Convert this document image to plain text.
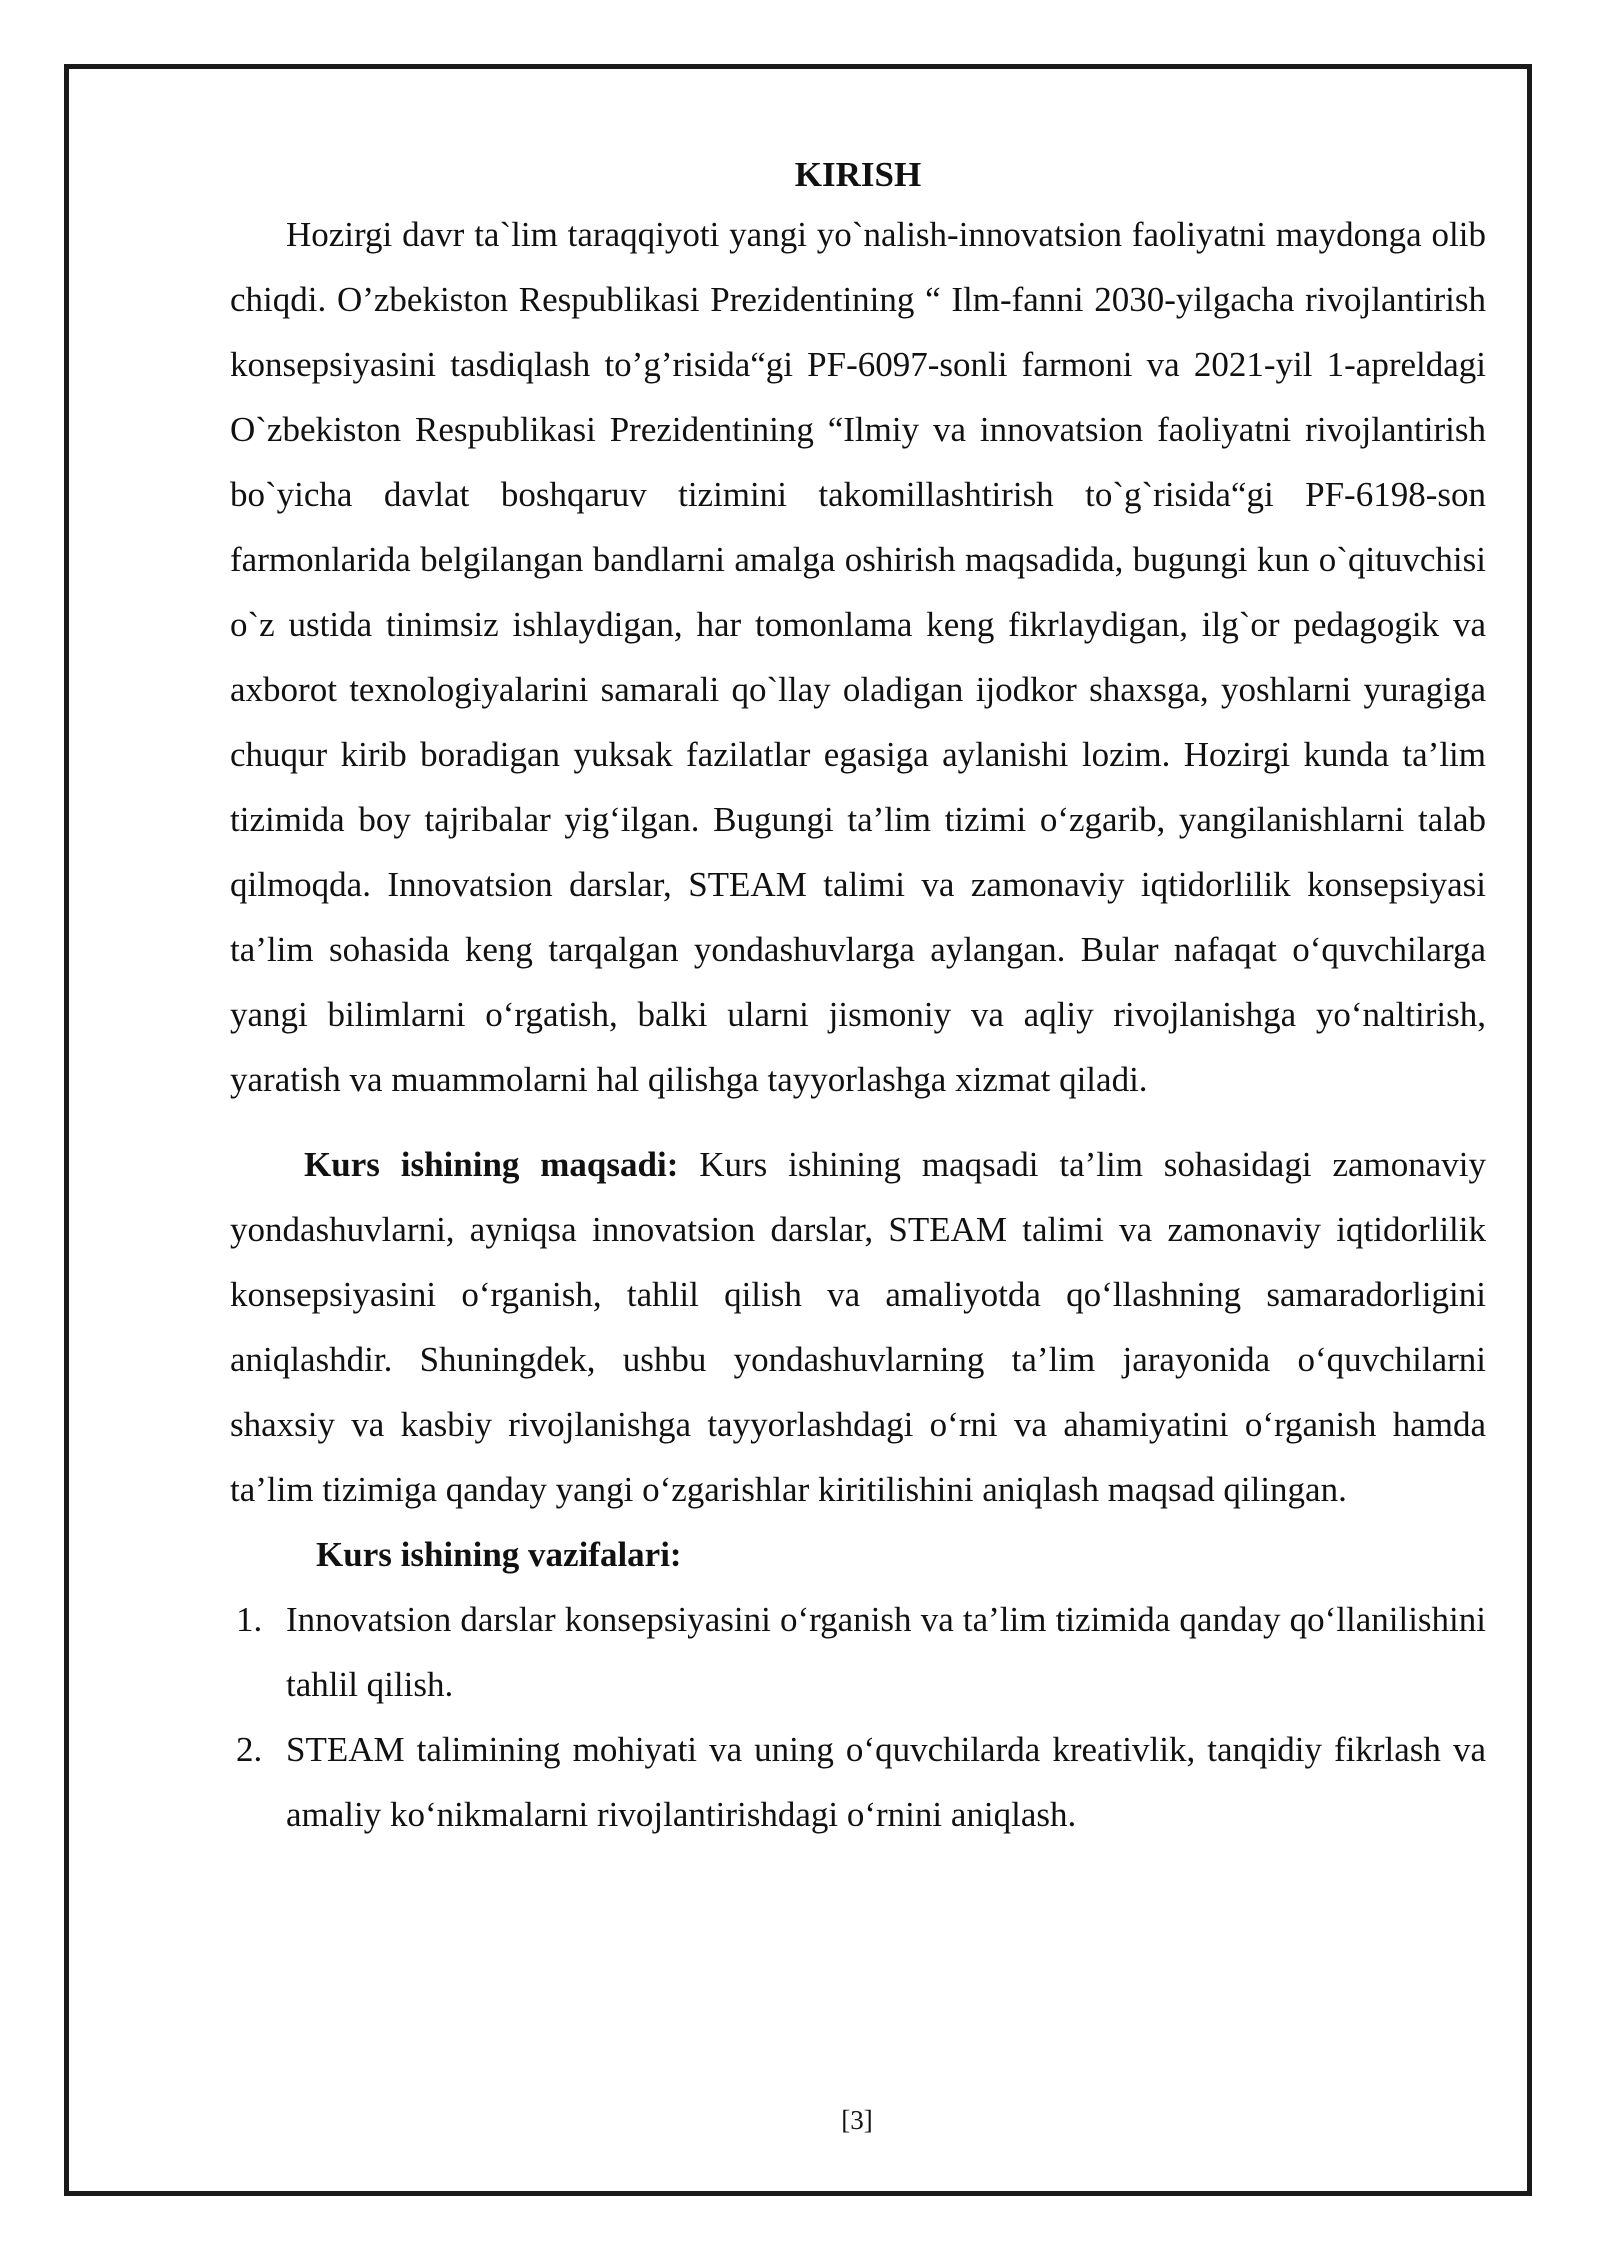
KIRISH

Hozirgi davr ta`lim taraqqiyoti yangi yo`nalish-innovatsion faoliyatni maydonga olib chiqdi. O’zbekiston Respublikasi Prezidentining “ Ilm-fanni 2030-yilgacha rivojlantirish konsepsiyasini tasdiqlash to’g’risida“gi PF-6097-sonli farmoni va 2021-yil 1-apreldagi O`zbekiston Respublikasi Prezidentining “Ilmiy va innovatsion faoliyatni rivojlantirish bo`yicha davlat boshqaruv tizimini takomillashtirish to`g`risida“gi PF-6198-son farmonlarida belgilangan bandlarni amalga oshirish maqsadida, bugungi kun o`qituvchisi o`z ustida tinimsiz ishlaydigan, har tomonlama keng fikrlaydigan, ilg`or pedagogik va axborot texnologiyalarini samarali qo`llay oladigan ijodkor shaxsga, yoshlarni yuragiga chuqur kirib boradigan yuksak fazilatlar egasiga aylanishi lozim. Hozirgi kunda ta’lim tizimida boy tajribalar yig‘ilgan. Bugungi ta’lim tizimi o‘zgarib, yangilanishlarni talab qilmoqda. Innovatsion darslar, STEAM talimi va zamonaviy iqtidorlilik konsepsiyasi ta’lim sohasida keng tarqalgan yondashuvlarga aylangan. Bular nafaqat o‘quvchilarga yangi bilimlarni o‘rgatish, balki ularni jismoniy va aqliy rivojlanishga yo‘naltirish, yaratish va muammolarni hal qilishga tayyorlashga xizmat qiladi.

Kurs ishining maqsadi: Kurs ishining maqsadi ta’lim sohasidagi zamonaviy yondashuvlarni, ayniqsa innovatsion darslar, STEAM talimi va zamonaviy iqtidorlilik konsepsiyasini o‘rganish, tahlil qilish va amaliyotda qo‘llashning samaradorligini aniqlashdir. Shuningdek, ushbu yondashuvlarning ta’lim jarayonida o‘quvchilarni shaxsiy va kasbiy rivojlanishga tayyorlashdagi o‘rni va ahamiyatini o‘rganish hamda ta’lim tizimiga qanday yangi o‘zgarishlar kiritilishini aniqlash maqsad qilingan.

Kurs ishining vazifalari:

1. Innovatsion darslar konsepsiyasini o‘rganish va ta’lim tizimida qanday qo‘llanilishini tahlil qilish.
2. STEAM talimining mohiyati va uning o‘quvchilarda kreativlik, tanqidiy fikrlash va amaliy ko‘nikmalarni rivojlantirishdagi o‘rnini aniqlash.
[3]
